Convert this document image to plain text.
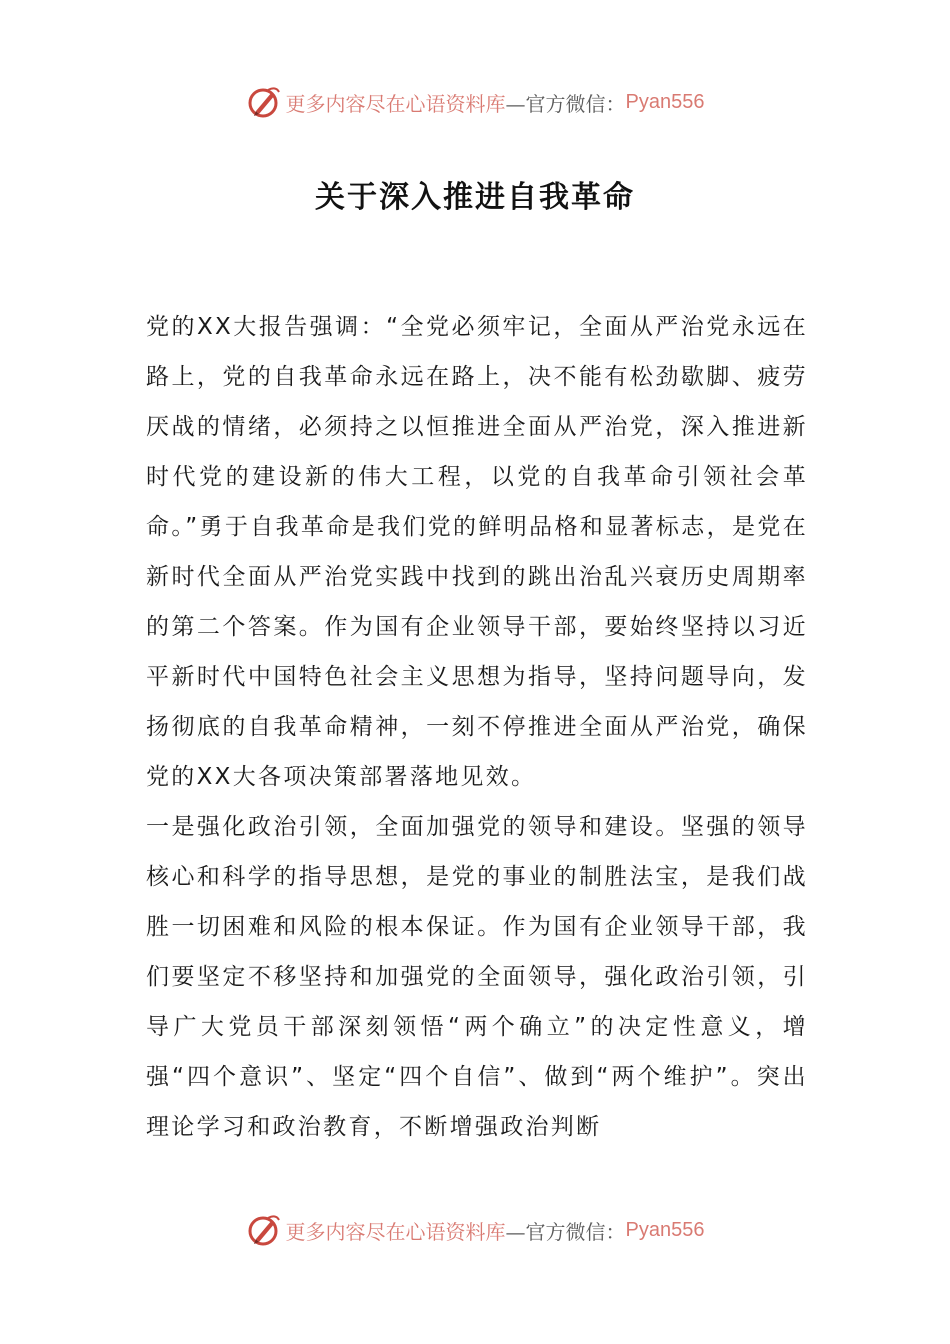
更多内容尽在心语资料库 —官方微信： Pyan556
关于深入推进自我革命

党的XX大报告强调：“全党必须牢记，全面从严治党永远在路上，党的自我革命永远在路上，决不能有松劲歇脚、疲劳厌战的情绪，必须持之以恒推进全面从严治党，深入推进新时代党的建设新的伟大工程，以党的自我革命引领社会革命。”勇于自我革命是我们党的鲜明品格和显著标志，是党在新时代全面从严治党实践中找到的跳出治乱兴衰历史周期率的第二个答案。作为国有企业领导干部，要始终坚持以习近平新时代中国特色社会主义思想为指导，坚持问题导向，发扬彻底的自我革命精神，一刻不停推进全面从严治党，确保党的XX大各项决策部署落地见效。

一是强化政治引领，全面加强党的领导和建设。坚强的领导核心和科学的指导思想，是党的事业的制胜法宝，是我们战胜一切困难和风险的根本保证。作为国有企业领导干部，我们要坚定不移坚持和加强党的全面领导，强化政治引领，引导广大党员干部深刻领悟“两个确立”的决定性意义，增强“四个意识”、坚定“四个自信”、做到“两个维护”。突出理论学习和政治教育，不断增强政治判断

更多内容尽在心语资料库 —官方微信： Pyan556
